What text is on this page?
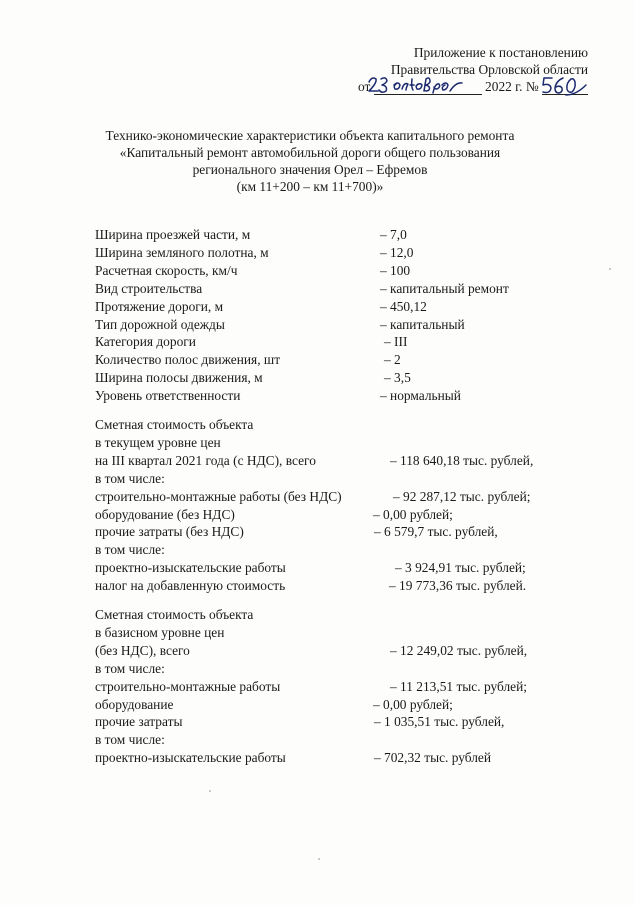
Приложение к постановлению
Правительства Орловской области
от	2022 г. №
Технико-экономические характеристики объекта капитального ремонта
«Капитальный ремонт автомобильной дороги общего пользования
регионального значения Орел – Ефремов
(км 11+200 – км 11+700)»
Ширина проезжей части, м	– 7,0
Ширина земляного полотна, м	– 12,0
Расчетная скорость, км/ч	– 100
Вид строительства	– капитальный ремонт
Протяжение дороги, м	– 450,12
Тип дорожной одежды	– капитальный
Категория дороги	– III
Количество полос движения, шт	– 2
Ширина полосы движения, м	– 3,5
Уровень ответственности	– нормальный
Сметная стоимость объекта
в текущем уровне цен
на III квартал 2021 года (с НДС), всего	– 118 640,18 тыс. рублей,
в том числе:
строительно-монтажные работы (без НДС)	– 92 287,12 тыс. рублей;
оборудование (без НДС)	– 0,00 рублей;
прочие затраты (без НДС)	– 6 579,7 тыс. рублей,
в том числе:
проектно-изыскательские работы	– 3 924,91 тыс. рублей;
налог на добавленную стоимость	– 19 773,36 тыс. рублей.
Сметная стоимость объекта
в базисном уровне цен
(без НДС), всего	– 12 249,02 тыс. рублей,
в том числе:
строительно-монтажные работы	– 11 213,51 тыс. рублей;
оборудование	– 0,00 рублей;
прочие затраты	– 1 035,51 тыс. рублей,
в том числе:
проектно-изыскательские работы	– 702,32 тыс. рублей
